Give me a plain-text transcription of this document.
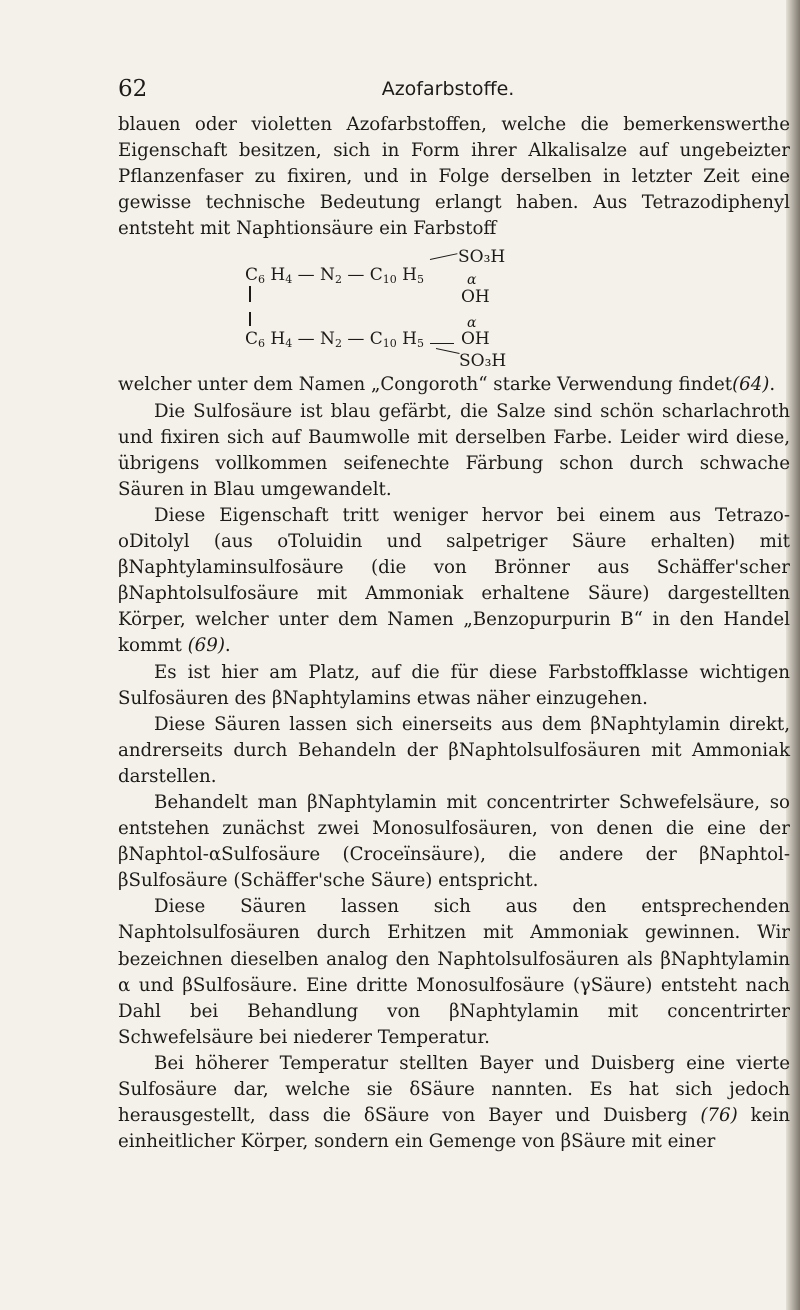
62	Azofarbstoffe.

blauen oder violetten Azofarbstoffen, welche die bemerkenswerthe Eigenschaft besitzen, sich in Form ihrer Alkalisalze auf ungebeizter Pflanzenfaser zu fixiren, und in Folge derselben in letzter Zeit eine gewisse technische Bedeutung erlangt haben. Aus Tetrazodiphenyl entsteht mit Naphtionsäure ein Farbstoff

$C_6$ $H_4$ — $N_2$ — $C_{10}$ $H_5$
SO₃H
α
OH
α
$C_6$ $H_4$ — $N_2$ — $C_{10}$ $H_5$ OH
SO₃H

welcher unter dem Namen „Congoroth“ starke Verwendung findet(64).

Die Sulfosäure ist blau gefärbt, die Salze sind schön scharlachroth und fixiren sich auf Baumwolle mit derselben Farbe. Leider wird diese, übrigens vollkommen seifenechte Färbung schon durch schwache Säuren in Blau umgewandelt.

Diese Eigenschaft tritt weniger hervor bei einem aus Tetrazo-oDitolyl (aus oToluidin und salpetriger Säure erhalten) mit βNaphtylaminsulfosäure (die von Brönner aus Schäffer'scher βNaphtolsulfosäure mit Ammoniak erhaltene Säure) dargestellten Körper, welcher unter dem Namen „Benzopurpurin B“ in den Handel kommt (69).

Es ist hier am Platz, auf die für diese Farbstoffklasse wichtigen Sulfosäuren des βNaphtylamins etwas näher einzugehen.

Diese Säuren lassen sich einerseits aus dem βNaphtylamin direkt, andrerseits durch Behandeln der βNaphtolsulfosäuren mit Ammoniak darstellen.

Behandelt man βNaphtylamin mit concentrirter Schwefelsäure, so entstehen zunächst zwei Monosulfosäuren, von denen die eine der βNaphtol-αSulfosäure (Croceïnsäure), die andere der βNaphtol-βSulfosäure (Schäffer'sche Säure) entspricht.

Diese Säuren lassen sich aus den entsprechenden Naphtolsulfosäuren durch Erhitzen mit Ammoniak gewinnen. Wir bezeichnen dieselben analog den Naphtolsulfosäuren als βNaphtylamin α und βSulfosäure. Eine dritte Monosulfosäure (γSäure) entsteht nach Dahl bei Behandlung von βNaphtylamin mit concentrirter Schwefelsäure bei niederer Temperatur.

Bei höherer Temperatur stellten Bayer und Duisberg eine vierte Sulfosäure dar, welche sie δSäure nannten. Es hat sich jedoch herausgestellt, dass die δSäure von Bayer und Duisberg (76) kein einheitlicher Körper, sondern ein Gemenge von βSäure mit einer
